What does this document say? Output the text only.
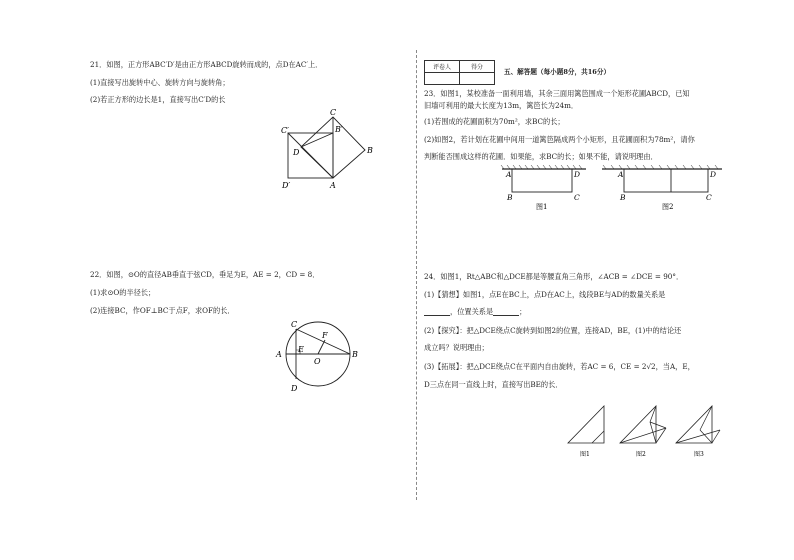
21．如图，正方形ABC′D′是由正方形ABCD旋转而成的，点D在AC′上．
(1)直接写出旋转中心、旋转方向与旋转角；
(2)若正方形的边长是1，直接写出C′D的长
C
C′	B′
D	B
D′	A
22．如图，⊙O的直径AB垂直于弦CD，垂足为E，AE = 2，CD = 8．
(1)求⊙O的半径长；
(2)连接BC，作OF⊥BC于点F，求OF的长．
C
F
A
E
O
B
D
评卷人	得分

五、解答题（每小题8分，共16分）
23．如图1，某校准备一面利用墙，其余三面用篱笆围成一个矩形花圃ABCD，已知
旧墙可利用的最大长度为13m，篱笆长为24m．
(1)若围成的花圃面积为70m²，求BC的长；
(2)如图2，若计划在花圃中间用一道篱笆隔成两个小矩形，且花圃面积为78m²，请你
判断能否围成这样的花圃．如果能，求BC的长；如果不能，请说明理由．
A	D
B	C
图1
A	D
B	C
图2
24．如图1，Rt△ABC和△DCE都是等腰直角三角形，∠ACB = ∠DCE = 90°．
(1)【猜想】如图1，点E在BC上，点D在AC上，线段BE与AD的数量关系是
，位置关系是	；
(2)【探究】：把△DCE绕点C旋转到如图2的位置，连接AD，BE，(1)中的结论还
成立吗？说明理由；
(3)【拓展】：把△DCE绕点C在平面内自由旋转，若AC = 6，CE = 2√2，当A，E，
D三点在同一直线上时，直接写出BE的长．
图1	图2	图3
